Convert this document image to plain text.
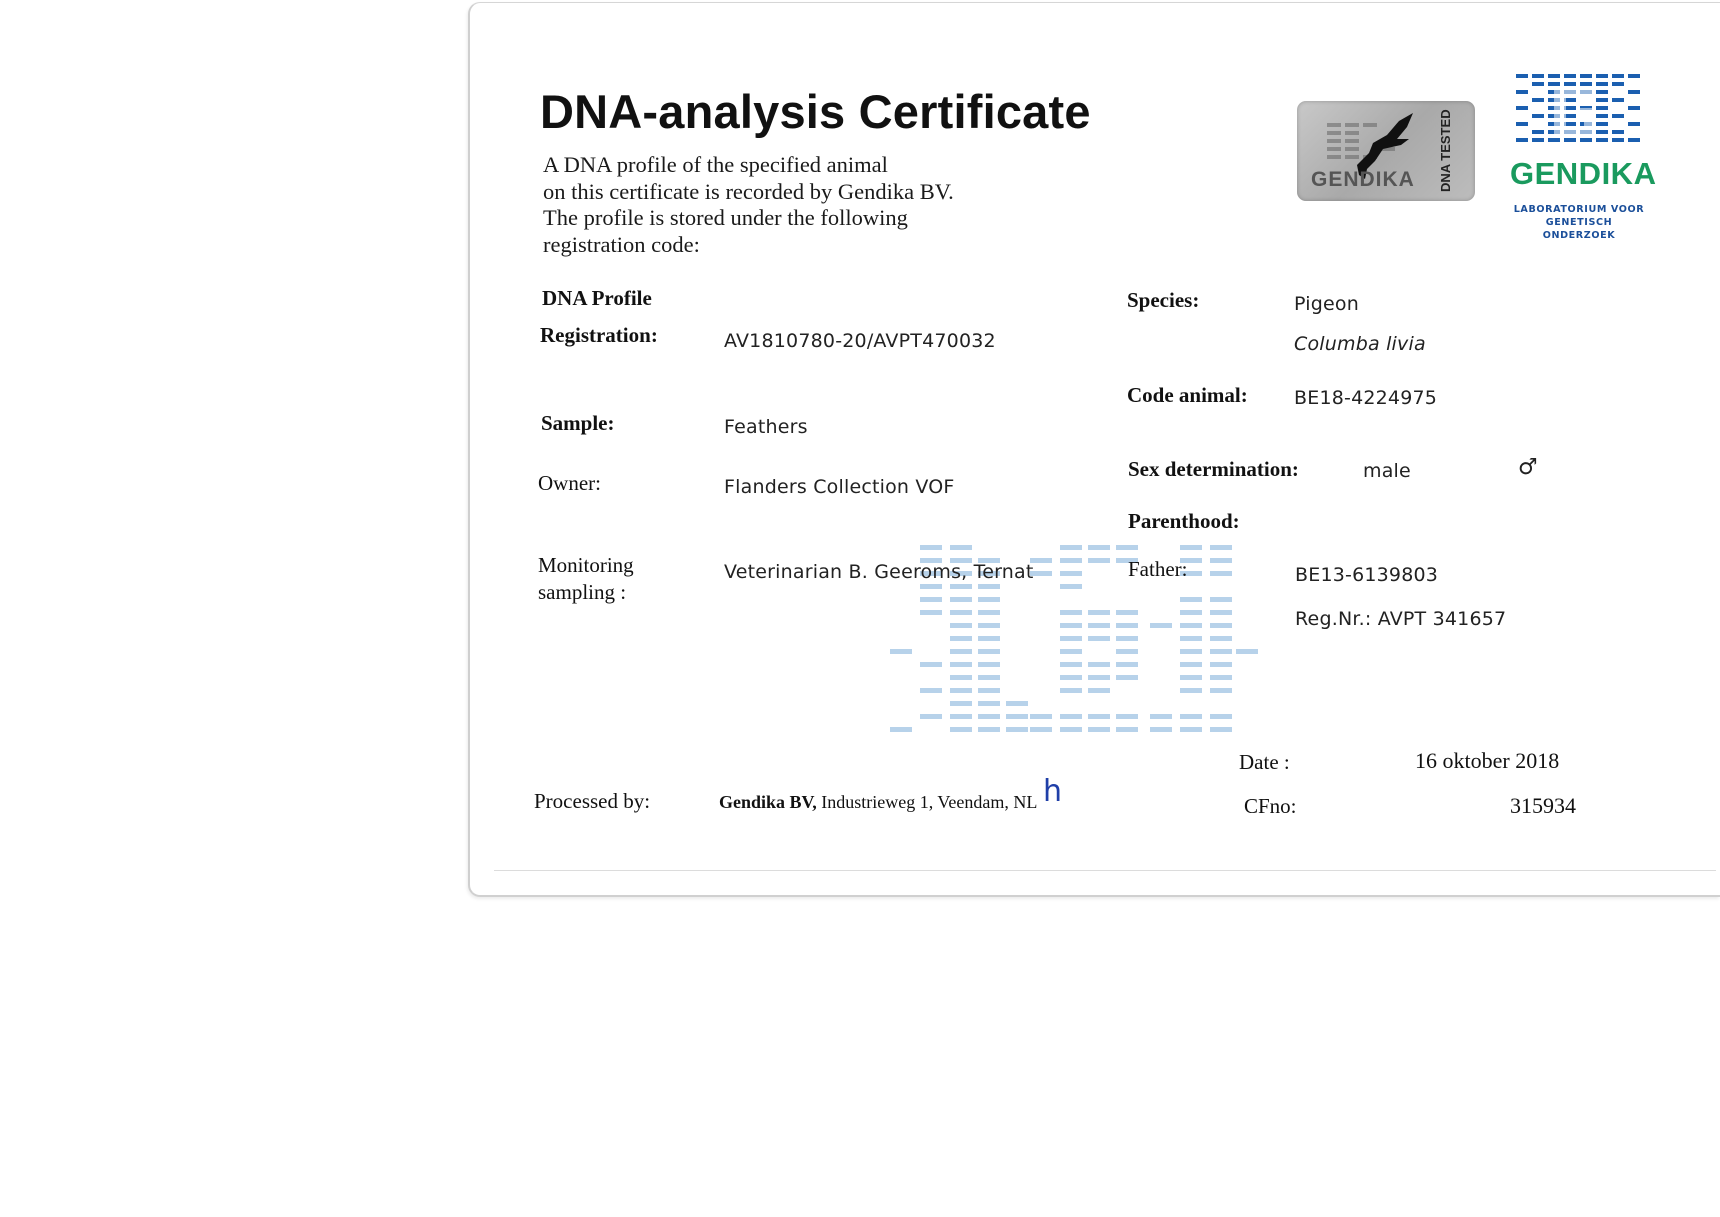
DNA-analysis Certificate
A DNA profile of the specified animal
on this certificate is recorded by Gendika BV.
The profile is stored under the following
registration code:
GENDIKA DNA TESTED GENDIKA
LABORATORIUM VOOR
GENETISCH ONDERZOEK
DNA Profile
Registration:	AV1810780-20/AVPT470032
Sample:	Feathers
Owner:	Flanders Collection VOF
Monitoring
sampling :
Veterinarian B. Geeroms, Ternat
Species:	Pigeon
Columba livia
Code animal: BE18-4224975
Sex determination:	male	♂
Parenthood:
Father:	BE13-6139803
Reg.Nr.: AVPT 341657
Processed by:	Gendika BV, Industrieweg 1, Veendam, NL h
Date :	16 oktober 2018
CFno:	315934
